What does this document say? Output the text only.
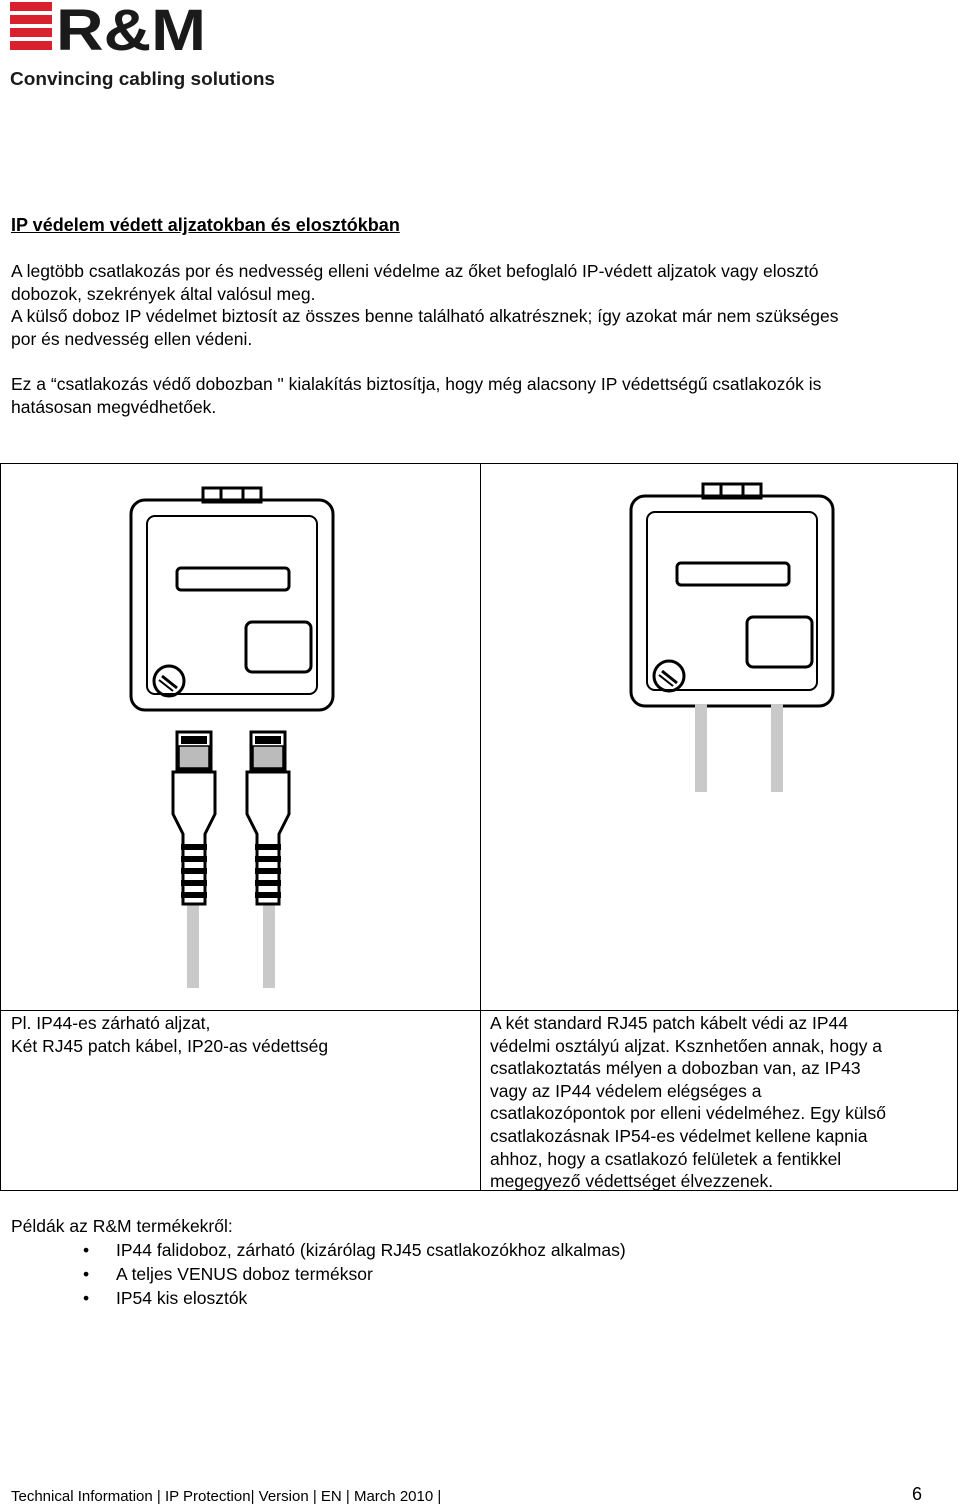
R&M
Convincing cabling solutions
IP védelem védett aljzatokban és elosztókban

A legtöbb csatlakozás por és nedvesség elleni védelme az őket befoglaló IP-védett aljzatok vagy elosztó
dobozok, szekrények által valósul meg.
A külső doboz IP védelmet biztosít az összes benne található alkatrésznek; így azokat már nem szükséges
por és nedvesség ellen védeni.

Ez a “csatlakozás védő dobozban " kialakítás biztosítja, hogy még alacsony IP védettségű csatlakozók is
hatásosan megvédhetőek.

Pl. IP44-es zárható aljzat,
Két RJ45 patch kábel, IP20-as védettség
A két standard RJ45 patch kábelt védi az IP44
védelmi osztályú aljzat. Ksznhetően annak, hogy a
csatlakoztatás mélyen a dobozban van, az IP43
vagy az IP44 védelem elégséges a
csatlakozópontok por elleni védelméhez. Egy külső
csatlakozásnak IP54-es védelmet kellene kapnia
ahhoz, hogy a csatlakozó felületek a fentikkel
megegyező védettséget élvezzenek.

Példák az R&M termékekről:

• IP44 falidoboz, zárható (kizárólag RJ45 csatlakozókhoz alkalmas)
• A teljes VENUS doboz terméksor
• IP54 kis elosztók
Technical Information | IP Protection| Version | EN | March 2010 |	6
